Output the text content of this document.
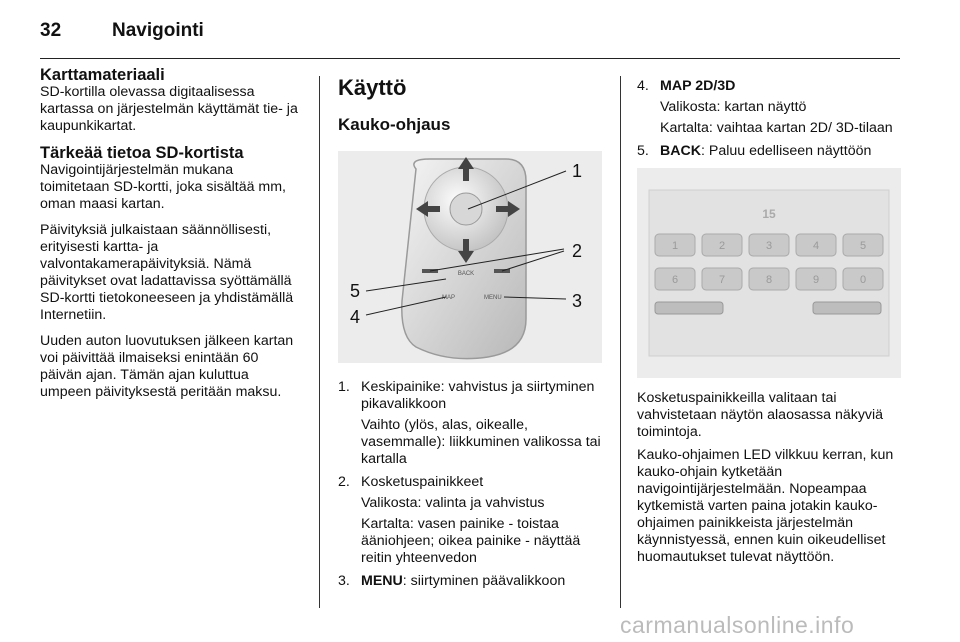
32	Navigointi
Karttamateriaali

SD-kortilla olevassa digitaalisessa kartassa on järjestelmän käyttämät tie- ja kaupunkikartat.

Tärkeää tietoa SD-kortista

Navigointijärjestelmän mukana toimitetaan SD-kortti, joka sisältää mm, oman maasi kartan.

Päivityksiä julkaistaan säännöllisesti, erityisesti kartta- ja valvontakamerapäivityksiä. Nämä päivitykset ovat ladattavissa syöttämällä SD-kortti tietokoneeseen ja yhdistämällä Internetiin.

Uuden auton luovutuksen jälkeen kartan voi päivittää ilmaiseksi enintään 60 päivän ajan. Tämän ajan kuluttua umpeen päivityksestä peritään maksu.

Käyttö
Kauko-ohjaus
BACK
MAP	MENU
1
2
3
4
5
1. Keskipainike: vahvistus ja siirtyminen pikavalikkoon
Vaihto (ylös, alas, oikealle, vasemmalle): liikkuminen valikossa tai kartalla
2. Kosketuspainikkeet
Valikosta: valinta ja vahvistus
Kartalta: vasen painike - toistaa ääniohjeen; oikea painike - näyttää reitin yhteenvedon
3. MENU: siirtyminen päävalikkoon
4. MAP 2D/3D
Valikosta: kartan näyttö
Kartalta: vaihtaa kartan 2D/ 3D-tilaan
5. BACK: Paluu edelliseen näyttöön
15
1	2	3	4	5
6	7	8	9	0

Kosketuspainikkeilla valitaan tai vahvistetaan näytön alaosassa näkyviä toimintoja.

Kauko-ohjaimen LED vilkkuu kerran, kun kauko-ohjain kytketään navigointijärjestelmään. Nopeampaa kytkemistä varten paina jotakin kauko-ohjaimen painikkeista järjestelmän käynnistyessä, ennen kuin oikeudelliset huomautukset tulevat näyttöön.

carmanualsonline.info
